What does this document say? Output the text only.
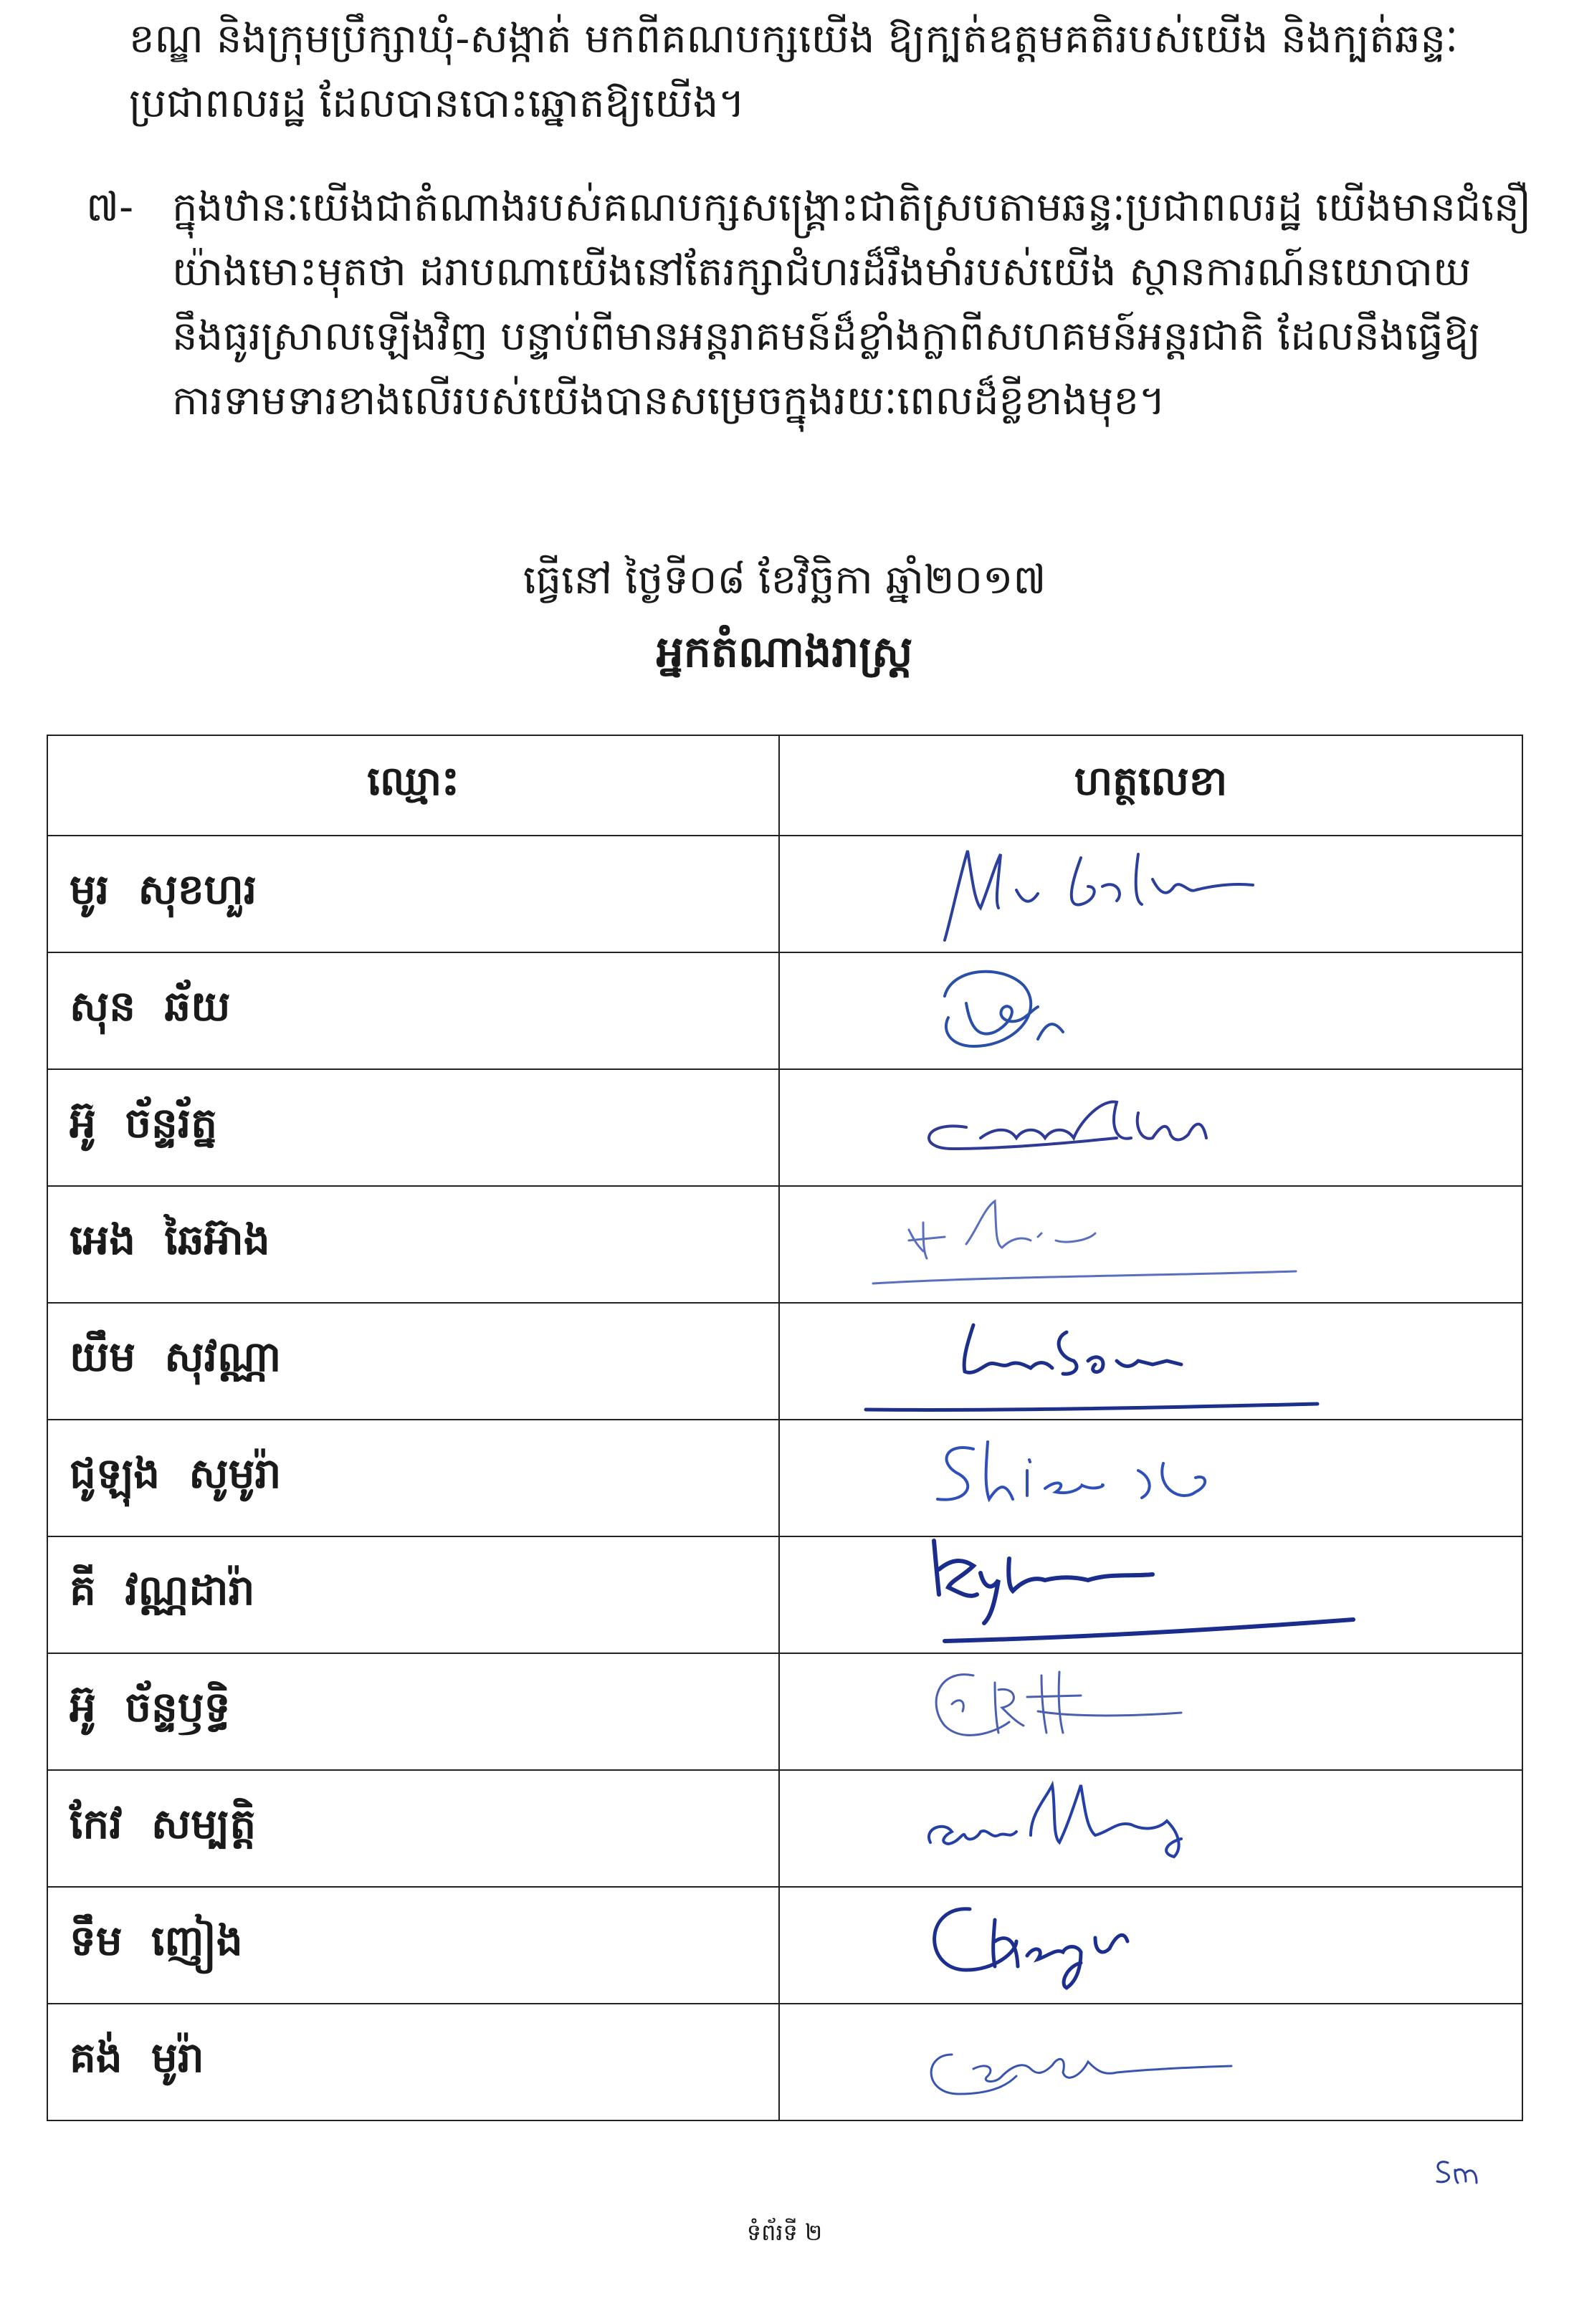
ខណ្ឌ និងក្រុមប្រឹក្សាឃុំ-សង្កាត់ មកពីគណបក្សយើង ឱ្យក្បត់ឧត្តមគតិរបស់យើង និងក្បត់ឆន្ទៈ
ប្រជាពលរដ្ឋ ដែលបានបោះឆ្នោតឱ្យយើង។
៧- ក្នុងឋានៈយើងជាតំណាងរបស់គណបក្សសង្គ្រោះជាតិស្របតាមឆន្ទៈប្រជាពលរដ្ឋ យើងមានជំនឿ
យ៉ាងមោះមុតថា ដរាបណាយើងនៅតែរក្សាជំហរដ៏រឹងមាំរបស់យើង ស្ថានការណ៍នយោបាយ
នឹងធូរស្រាលឡើងវិញ បន្ទាប់ពីមានអន្តរាគមន៍ដ៏ខ្លាំងក្លាពីសហគមន៍អន្តរជាតិ ដែលនឹងធ្វើឱ្យ
ការទាមទារខាងលើរបស់យើងបានសម្រេចក្នុងរយៈពេលដ៏ខ្លីខាងមុខ។
ធ្វើនៅ ថ្ងៃទី០៨ ខែវិច្ឆិកា ឆ្នាំ២០១៧
អ្នកតំណាងរាស្ត្រ
ឈ្មោះ	ហត្ថលេខា
មូរ  សុខហួរ	

សុន  ឆ័យ	

អ៊ូ  ច័ន្ទរ័ត្ន	

អេង  ឆៃអ៊ាង	

យឹម  សុវណ្ណា	

ជូឡុង  សូមូរ៉ា	

គី  វណ្ណដារ៉ា	

អ៊ូ  ច័ន្ទឫទ្ធិ	

កែវ  សម្បត្តិ	

ទឹម  ញៀង	

គង់  មូរ៉ា	
ទំព័រទី ២
